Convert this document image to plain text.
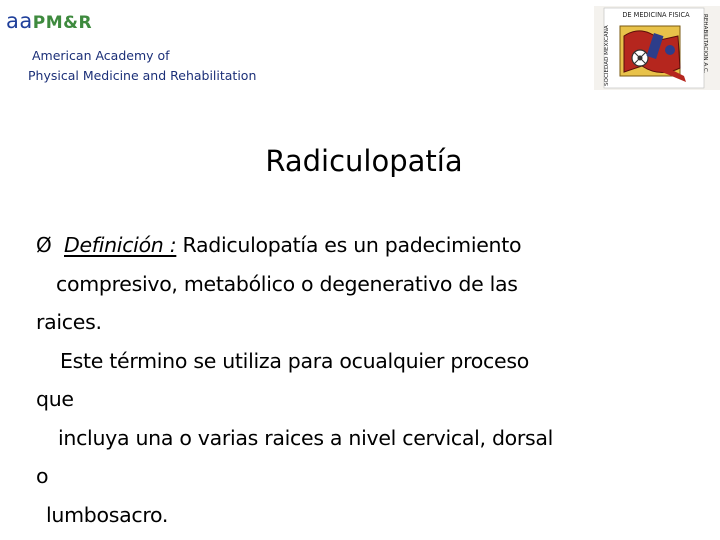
aaPM&R
American Academy of
Physical Medicine and Rehabilitation
DE MEDICINA FISICA
SOCIEDAD MEXICANA	REHABILITACION A.C.
Radiculopatía
Ø Definición : Radiculopatía es un padecimiento
compresivo, metabólico o degenerativo de las
raices.
Este término se utiliza para ocualquier proceso
que
incluya una o varias raices a nivel cervical, dorsal
o
lumbosacro.
